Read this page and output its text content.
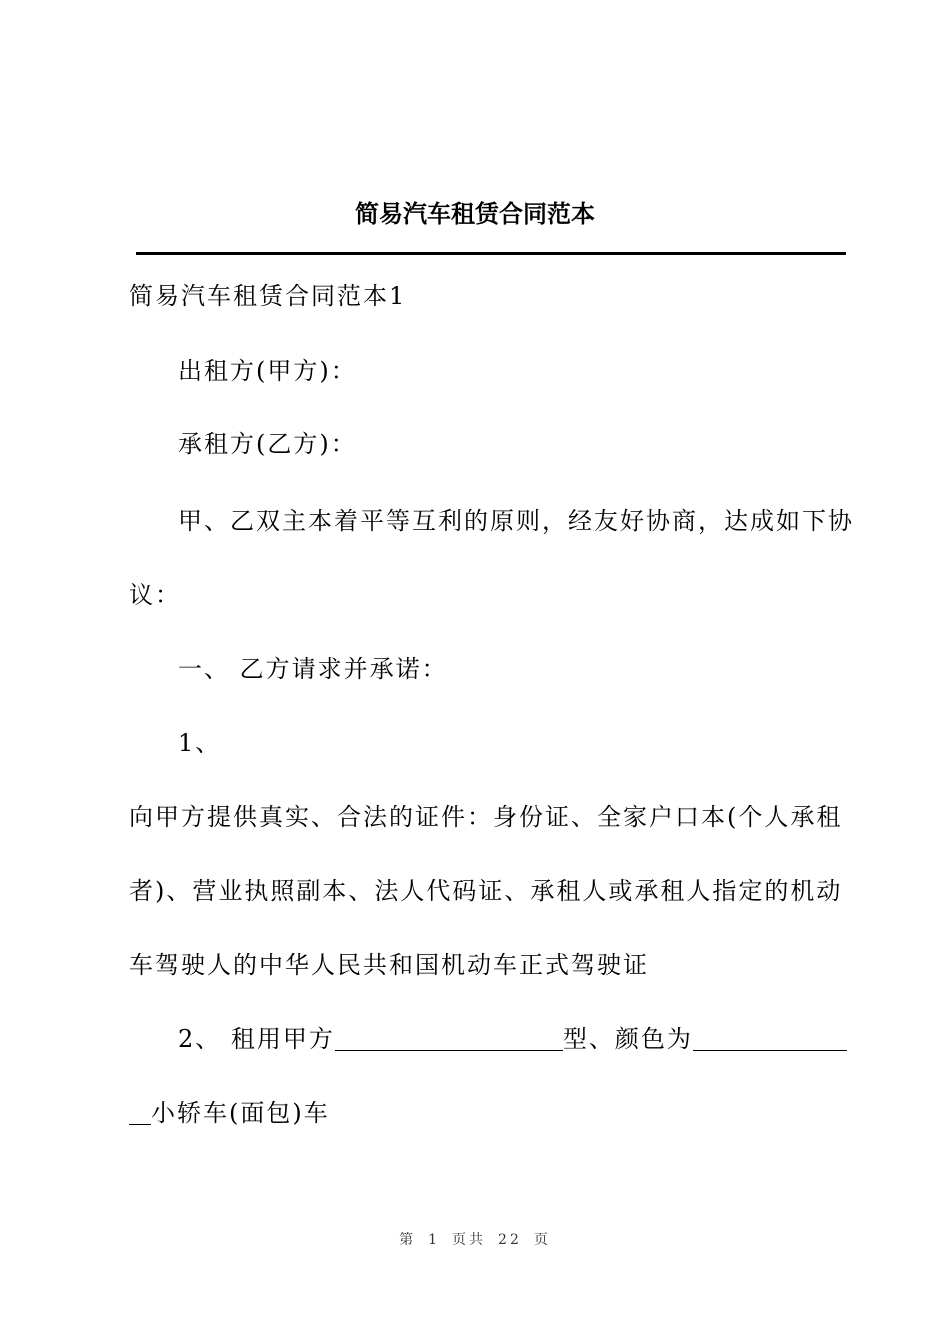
简易汽车租赁合同范本
简易汽车租赁合同范本1
出租方(甲方)：
承租方(乙方)：
甲、乙双主本着平等互利的原则，经友好协商，达成如下协
议：
一、 乙方请求并承诺：
1、
向甲方提供真实、合法的证件：身份证、全家户口本(个人承租
者)、营业执照副本、法人代码证、承租人或承租人指定的机动
车驾驶人的中华人民共和国机动车正式驾驶证
2、 租用甲方	型、颜色为
小轿车(面包)车
第 1 页共 22 页
